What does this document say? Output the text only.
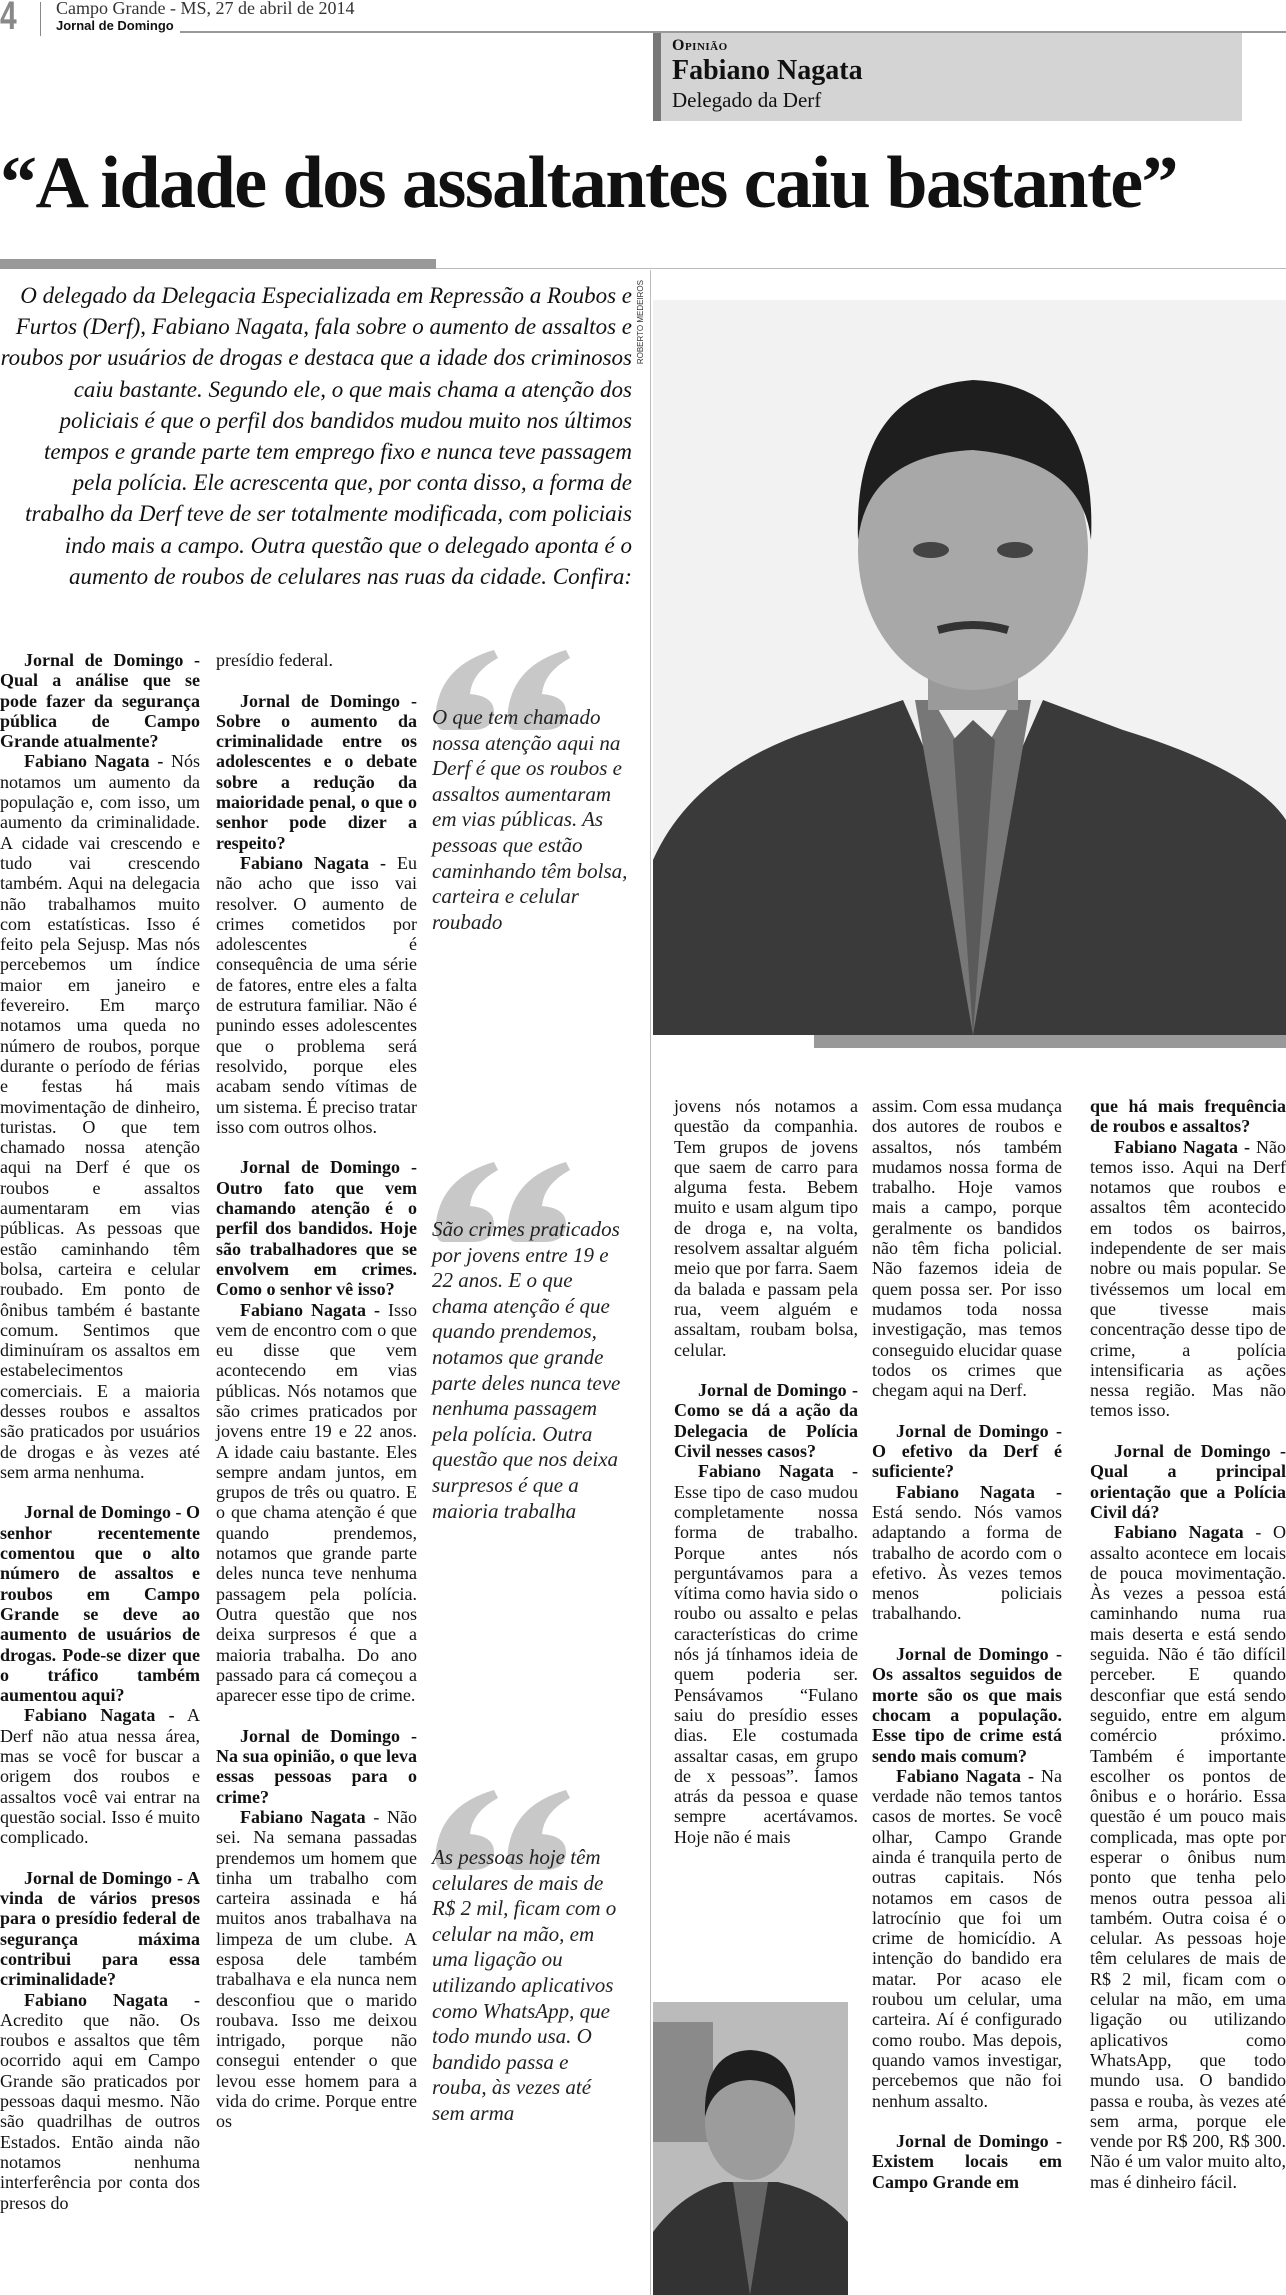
4 Campo Grande - MS, 27 de abril de 2014
Jornal de Domingo
Opinião
Fabiano Nagata
Delegado da Derf
“A idade dos assaltantes caiu bastante”
O delegado da Delegacia Especializada em Repressão a Roubos e Furtos (Derf), Fabiano Nagata, fala sobre o aumento de assaltos e roubos por usuários de drogas e destaca que a idade dos criminosos caiu bastante. Segundo ele, o que mais chama a atenção dos policiais é que o perfil dos bandidos mudou muito nos últimos tempos e grande parte tem emprego fixo e nunca teve passagem pela polícia. Ele acrescenta que, por conta disso, a forma de trabalho da Derf teve de ser totalmente modificada, com policiais indo mais a campo. Outra questão que o delegado aponta é o aumento de roubos de celulares nas ruas da cidade. Confira:
ROBERTO MEDEIROS

Jornal de Domingo - Qual a análise que se pode fazer da segurança pública de Campo Grande atualmente?

Fabiano Nagata - Nós notamos um aumento da população e, com isso, um aumento da criminalidade. A cidade vai crescendo e tudo vai crescendo também. Aqui na delegacia não trabalhamos muito com estatísticas. Isso é feito pela Sejusp. Mas nós percebemos um índice maior em janeiro e fevereiro. Em março notamos uma queda no número de roubos, porque durante o período de férias e festas há mais movimentação de dinheiro, turistas. O que tem chamado nossa atenção aqui na Derf é que os roubos e assaltos aumentaram em vias públicas. As pessoas que estão caminhando têm bolsa, carteira e celular roubado. Em ponto de ônibus também é bastante comum. Sentimos que diminuíram os assaltos em estabelecimentos comerciais. E a maioria desses roubos e assaltos são praticados por usuários de drogas e às vezes até sem arma nenhuma.

Jornal de Domingo - O senhor recentemente comentou que o alto número de assaltos e roubos em Campo Grande se deve ao aumento de usuários de drogas. Pode-se dizer que o tráfico também aumentou aqui?

Fabiano Nagata - A Derf não atua nessa área, mas se você for buscar a origem dos roubos e assaltos você vai entrar na questão social. Isso é muito complicado.

Jornal de Domingo - A vinda de vários presos para o presídio federal de segurança máxima contribui para essa criminalidade?

Fabiano Nagata - Acredito que não. Os roubos e assaltos que têm ocorrido aqui em Campo Grande são praticados por pessoas daqui mesmo. Não são quadrilhas de outros Estados. Então ainda não notamos nenhuma interferência por conta dos presos do

presídio federal.

Jornal de Domingo - Sobre o aumento da criminalidade entre os adolescentes e o debate sobre a redução da maioridade penal, o que o senhor pode dizer a respeito?

Fabiano Nagata - Eu não acho que isso vai resolver. O aumento de crimes cometidos por adolescentes é consequência de uma série de fatores, entre eles a falta de estrutura familiar. Não é punindo esses adolescentes que o problema será resolvido, porque eles acabam sendo vítimas de um sistema. É preciso tratar isso com outros olhos.

Jornal de Domingo - Outro fato que vem chamando atenção é o perfil dos bandidos. Hoje são trabalhadores que se envolvem em crimes. Como o senhor vê isso?

Fabiano Nagata - Isso vem de encontro com o que eu disse que vem acontecendo em vias públicas. Nós notamos que são crimes praticados por jovens entre 19 e 22 anos. A idade caiu bastante. Eles sempre andam juntos, em grupos de três ou quatro. E o que chama atenção é que quando prendemos, notamos que grande parte deles nunca teve nenhuma passagem pela polícia. Outra questão que nos deixa surpresos é que a maioria trabalha. Do ano passado para cá começou a aparecer esse tipo de crime.

Jornal de Domingo - Na sua opinião, o que leva essas pessoas para o crime?

Fabiano Nagata - Não sei. Na semana passadas prendemos um homem que tinha um trabalho com carteira assinada e há muitos anos trabalhava na limpeza de um clube. A esposa dele também trabalhava e ela nunca nem desconfiou que o marido roubava. Isso me deixou intrigado, porque não consegui entender o que levou esse homem para a vida do crime. Porque entre os

jovens nós notamos a questão da companhia. Tem grupos de jovens que saem de carro para alguma festa. Bebem muito e usam algum tipo de droga e, na volta, resolvem assaltar alguém meio que por farra. Saem da balada e passam pela rua, veem alguém e assaltam, roubam bolsa, celular.

Jornal de Domingo - Como se dá a ação da Delegacia de Polícia Civil nesses casos?

Fabiano Nagata - Esse tipo de caso mudou completamente nossa forma de trabalho. Porque antes nós perguntávamos para a vítima como havia sido o roubo ou assalto e pelas características do crime nós já tínhamos ideia de quem poderia ser. Pensávamos “Fulano saiu do presídio esses dias. Ele costumada assaltar casas, em grupo de x pessoas”. Íamos atrás da pessoa e quase sempre acertávamos. Hoje não é mais

assim. Com essa mudança dos autores de roubos e assaltos, nós também mudamos nossa forma de trabalho. Hoje vamos mais a campo, porque geralmente os bandidos não têm ficha policial. Não fazemos ideia de quem possa ser. Por isso mudamos toda nossa investigação, mas temos conseguido elucidar quase todos os crimes que chegam aqui na Derf.

Jornal de Domingo - O efetivo da Derf é suficiente?

Fabiano Nagata - Está sendo. Nós vamos adaptando a forma de trabalho de acordo com o efetivo. Às vezes temos menos policiais trabalhando.

Jornal de Domingo - Os assaltos seguidos de morte são os que mais chocam a população. Esse tipo de crime está sendo mais comum?

Fabiano Nagata - Na verdade não temos tantos casos de mortes. Se você olhar, Campo Grande ainda é tranquila perto de outras capitais. Nós notamos em casos de latrocínio que foi um crime de homicídio. A intenção do bandido era matar. Por acaso ele roubou um celular, uma carteira. Aí é configurado como roubo. Mas depois, quando vamos investigar, percebemos que não foi nenhum assalto.

Jornal de Domingo - Existem locais em Campo Grande em

que há mais frequência de roubos e assaltos?

Fabiano Nagata - Não temos isso. Aqui na Derf notamos que roubos e assaltos têm acontecido em todos os bairros, independente de ser mais nobre ou mais popular. Se tivéssemos um local em que tivesse mais concentração desse tipo de crime, a polícia intensificaria as ações nessa região. Mas não temos isso.

Jornal de Domingo - Qual a principal orientação que a Polícia Civil dá?

Fabiano Nagata - O assalto acontece em locais de pouca movimentação. Às vezes a pessoa está caminhando numa rua mais deserta e está sendo seguida. Não é tão difícil perceber. E quando desconfiar que está sendo seguido, entre em algum comércio próximo. Também é importante escolher os pontos de ônibus e o horário. Essa questão é um pouco mais complicada, mas opte por esperar o ônibus num ponto que tenha pelo menos outra pessoa ali também. Outra coisa é o celular. As pessoas hoje têm celulares de mais de R$ 2 mil, ficam com o celular na mão, em uma ligação ou utilizando aplicativos como WhatsApp, que todo mundo usa. O bandido passa e rouba, às vezes até sem arma, porque ele vende por R$ 200, R$ 300. Não é um valor muito alto, mas é dinheiro fácil.

O que tem chamado nossa atenção aqui na Derf é que os roubos e assaltos aumentaram em vias públicas. As pessoas que estão caminhando têm bolsa, carteira e celular roubado
São crimes praticados por jovens entre 19 e 22 anos. E o que chama atenção é que quando prendemos, notamos que grande parte deles nunca teve nenhuma passagem pela polícia. Outra questão que nos deixa surpresos é que a maioria trabalha
As pessoas hoje têm celulares de mais de R$ 2 mil, ficam com o celular na mão, em uma ligação ou utilizando aplicativos como WhatsApp, que todo mundo usa. O bandido passa e rouba, às vezes até sem arma
